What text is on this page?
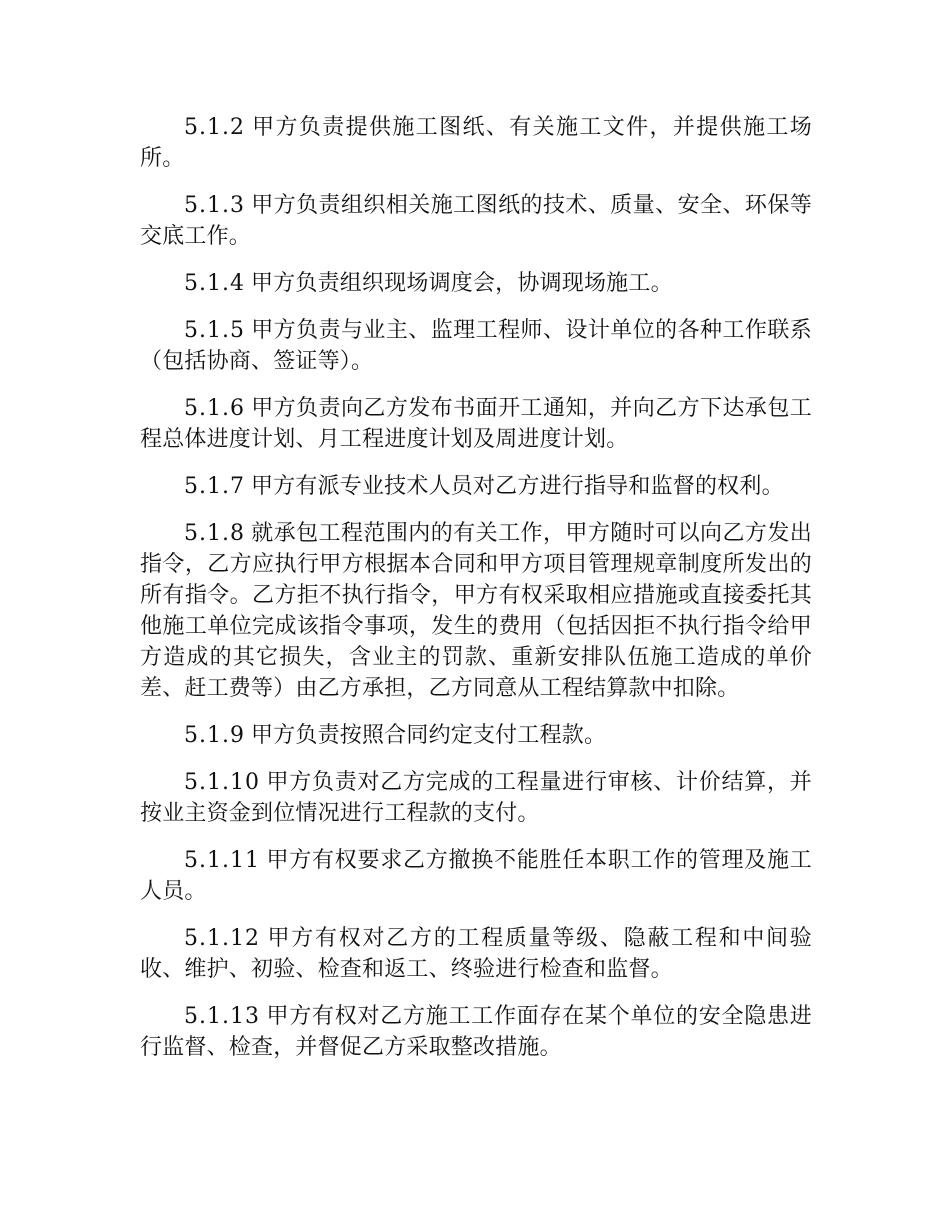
5.1.2 甲方负责提供施工图纸、有关施工文件，并提供施工场所。

5.1.3 甲方负责组织相关施工图纸的技术、质量、安全、环保等交底工作。

5.1.4 甲方负责组织现场调度会，协调现场施工。

5.1.5 甲方负责与业主、监理工程师、设计单位的各种工作联系（包括协商、签证等）。

5.1.6 甲方负责向乙方发布书面开工通知，并向乙方下达承包工程总体进度计划、月工程进度计划及周进度计划。

5.1.7 甲方有派专业技术人员对乙方进行指导和监督的权利。

5.1.8 就承包工程范围内的有关工作，甲方随时可以向乙方发出指令，乙方应执行甲方根据本合同和甲方项目管理规章制度所发出的所有指令。乙方拒不执行指令，甲方有权采取相应措施或直接委托其他施工单位完成该指令事项，发生的费用（包括因拒不执行指令给甲方造成的其它损失，含业主的罚款、重新安排队伍施工造成的单价差、赶工费等）由乙方承担，乙方同意从工程结算款中扣除。

5.1.9 甲方负责按照合同约定支付工程款。

5.1.10 甲方负责对乙方完成的工程量进行审核、计价结算，并按业主资金到位情况进行工程款的支付。

5.1.11 甲方有权要求乙方撤换不能胜任本职工作的管理及施工人员。

5.1.12 甲方有权对乙方的工程质量等级、隐蔽工程和中间验收、维护、初验、检查和返工、终验进行检查和监督。

5.1.13 甲方有权对乙方施工工作面存在某个单位的安全隐患进行监督、检查，并督促乙方采取整改措施。
